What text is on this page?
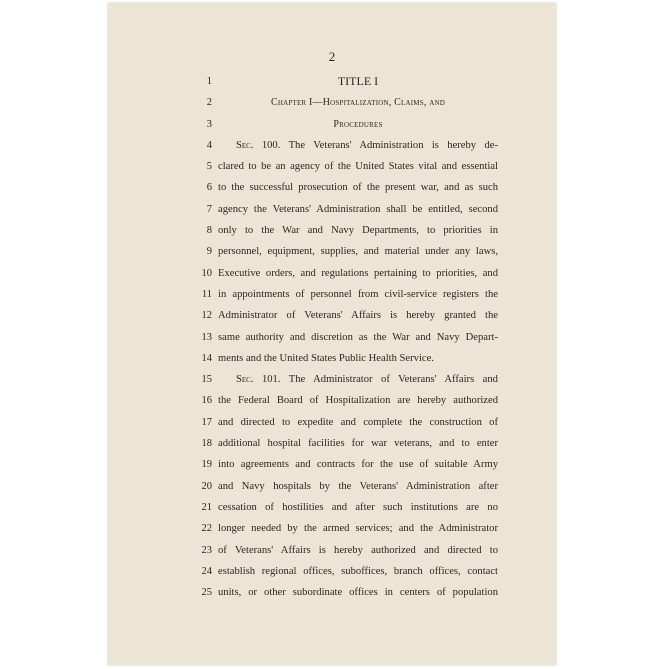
2
1
2
3
4
5
6
7
8
9
10
11
12
13
14
15
16
17
18
19
20
21
22
23
24
25
TITLE I
Chapter I—Hospitalization, Claims, and
Procedures
Sec. 100. The Veterans' Administration is hereby de-
clared to be an agency of the United States vital and essential
to the successful prosecution of the present war, and as such
agency the Veterans' Administration shall be entitled, second
only to the War and Navy Departments, to priorities in
personnel, equipment, supplies, and material under any laws,
Executive orders, and regulations pertaining to priorities, and
in appointments of personnel from civil-service registers the
Administrator of Veterans' Affairs is hereby granted the
same authority and discretion as the War and Navy Depart-
ments and the United States Public Health Service.
Sec. 101. The Administrator of Veterans' Affairs and
the Federal Board of Hospitalization are hereby authorized
and directed to expedite and complete the construction of
additional hospital facilities for war veterans, and to enter
into agreements and contracts for the use of suitable Army
and Navy hospitals by the Veterans' Administration after
cessation of hostilities and after such institutions are no
longer needed by the armed services; and the Administrator
of Veterans' Affairs is hereby authorized and directed to
establish regional offices, suboffices, branch offices, contact
units, or other subordinate offices in centers of population
